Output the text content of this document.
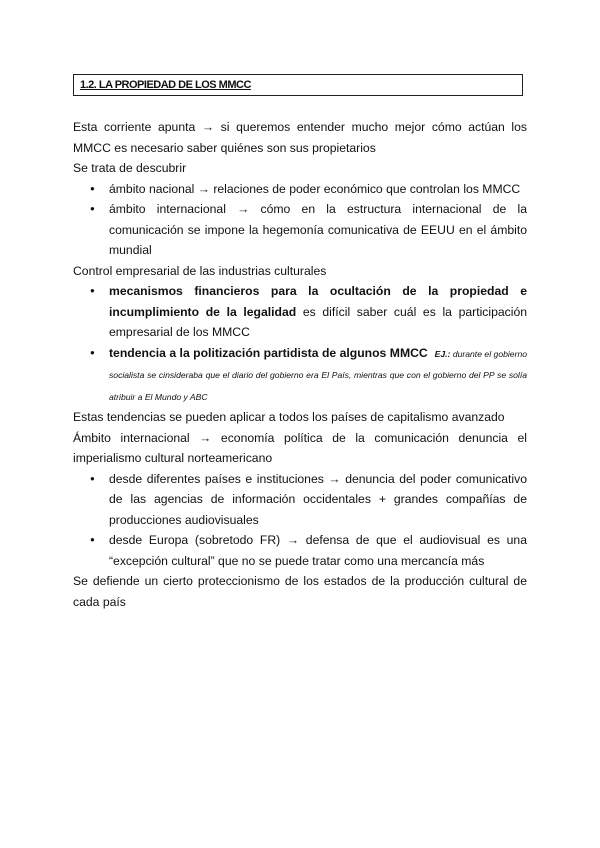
1.2. LA PROPIEDAD DE LOS MMCC

Esta corriente apunta → si queremos entender mucho mejor cómo actúan los MMCC es necesario saber quiénes son sus propietarios

Se trata de descubrir

● ámbito nacional → relaciones de poder económico que controlan los MMCC
● ámbito internacional → cómo en la estructura internacional de la comunicación se impone la hegemonía comunicativa de EEUU en el ámbito mundial

Control empresarial de las industrias culturales

● mecanismos financieros para la ocultación de la propiedad e incumplimiento de la legalidad es difícil saber cuál es la participación empresarial de los MMCC
● tendencia a la politización partidista de algunos MMCC EJ.: durante el gobierno socialista se cinsideraba que el diario del gobierno era El País, mientras que con el gobierno del PP se solía atribuir a El Mundo y ABC

Estas tendencias se pueden aplicar a todos los países de capitalismo avanzado

Ámbito internacional → economía política de la comunicación denuncia el imperialismo cultural norteamericano

● desde diferentes países e instituciones → denuncia del poder comunicativo de las agencias de información occidentales + grandes compañías de producciones audiovisuales
● desde Europa (sobretodo FR) → defensa de que el audiovisual es una “excepción cultural” que no se puede tratar como una mercancía más

Se defiende un cierto proteccionismo de los estados de la producción cultural de cada país
